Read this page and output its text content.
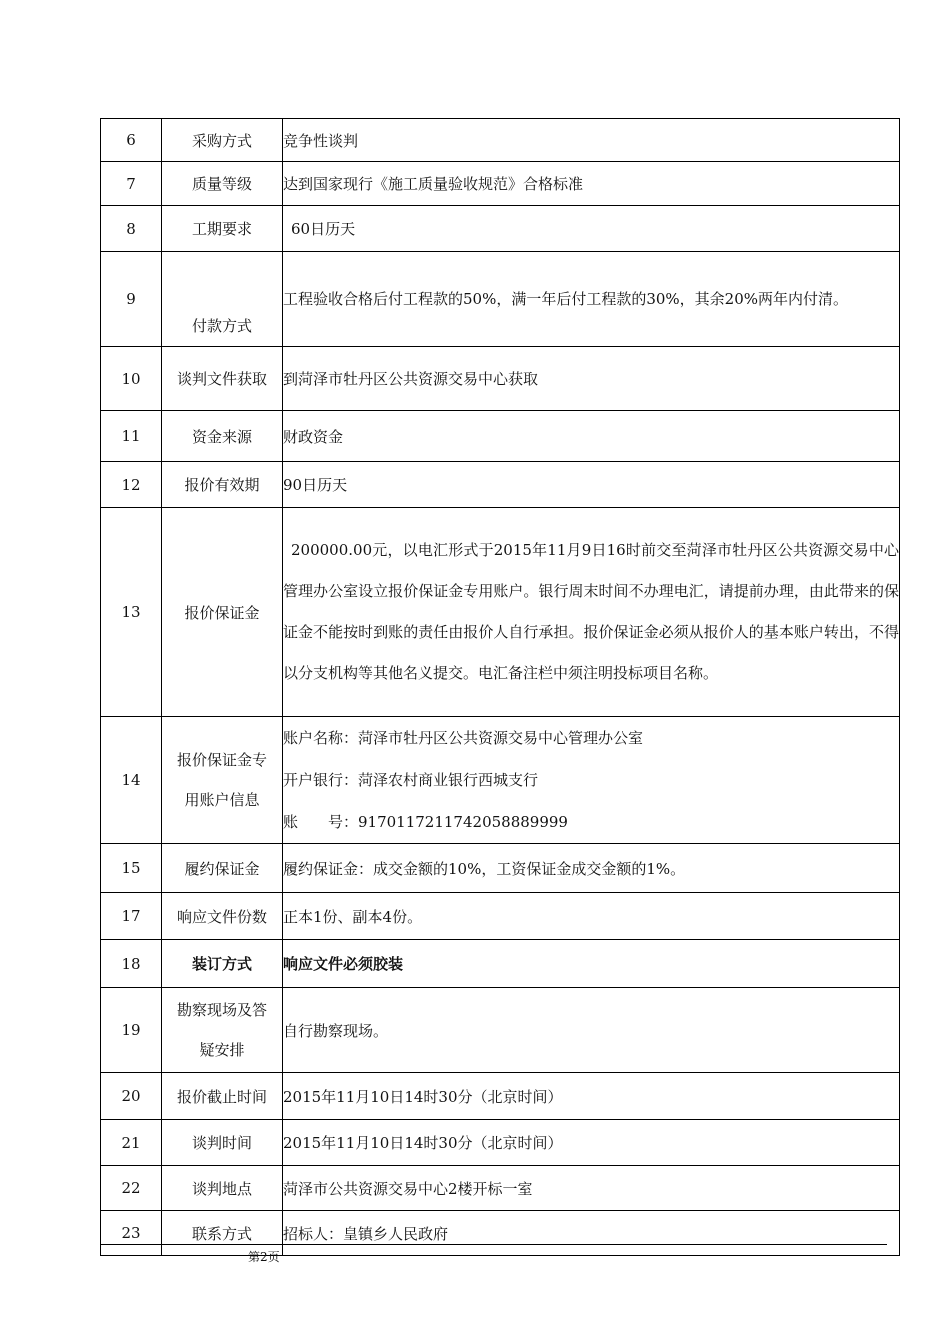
6	采购方式	竞争性谈判
7	质量等级	达到国家现行《施工质量验收规范》合格标准
8	工期要求	60日历天
9	付款方式	工程验收合格后付工程款的50%，满一年后付工程款的30%，其余20%两年内付清。

10	谈判文件获取	到菏泽市牡丹区公共资源交易中心获取
11	资金来源	财政资金
12	报价有效期	90日历天
13	报价保证金	200000.00元，以电汇形式于2015年11月9日16时前交至菏泽市牡丹区公共资源交易中心管理办公室设立报价保证金专用账户。银行周末时间不办理电汇，请提前办理，由此带来的保证金不能按时到账的责任由报价人自行承担。报价保证金必须从报价人的基本账户转出，不得以分支机构等其他名义提交。电汇备注栏中须注明投标项目名称。

14	报价保证金专用账户信息	账户名称：菏泽市牡丹区公共资源交易中心管理办公室
开户银行：菏泽农村商业银行西城支行
账　　号：917011721174205888999​9

15	履约保证金	履约保证金：成交金额的10%，工资保证金成交金额的1%。
17	响应文件份数	正本1份、副本4份。
18	装订方式	响应文件必须胶装
19	勘察现场及答疑安排	自行勘察现场。
20	报价截止时间	2015年11月10日14时30分（北京时间）
21	谈判时间	2015年11月10日14时30分（北京时间）
22	谈判地点	菏泽市公共资源交易中心2楼开标一室
23	联系方式	招标人：皇镇乡人民政府
第2页
